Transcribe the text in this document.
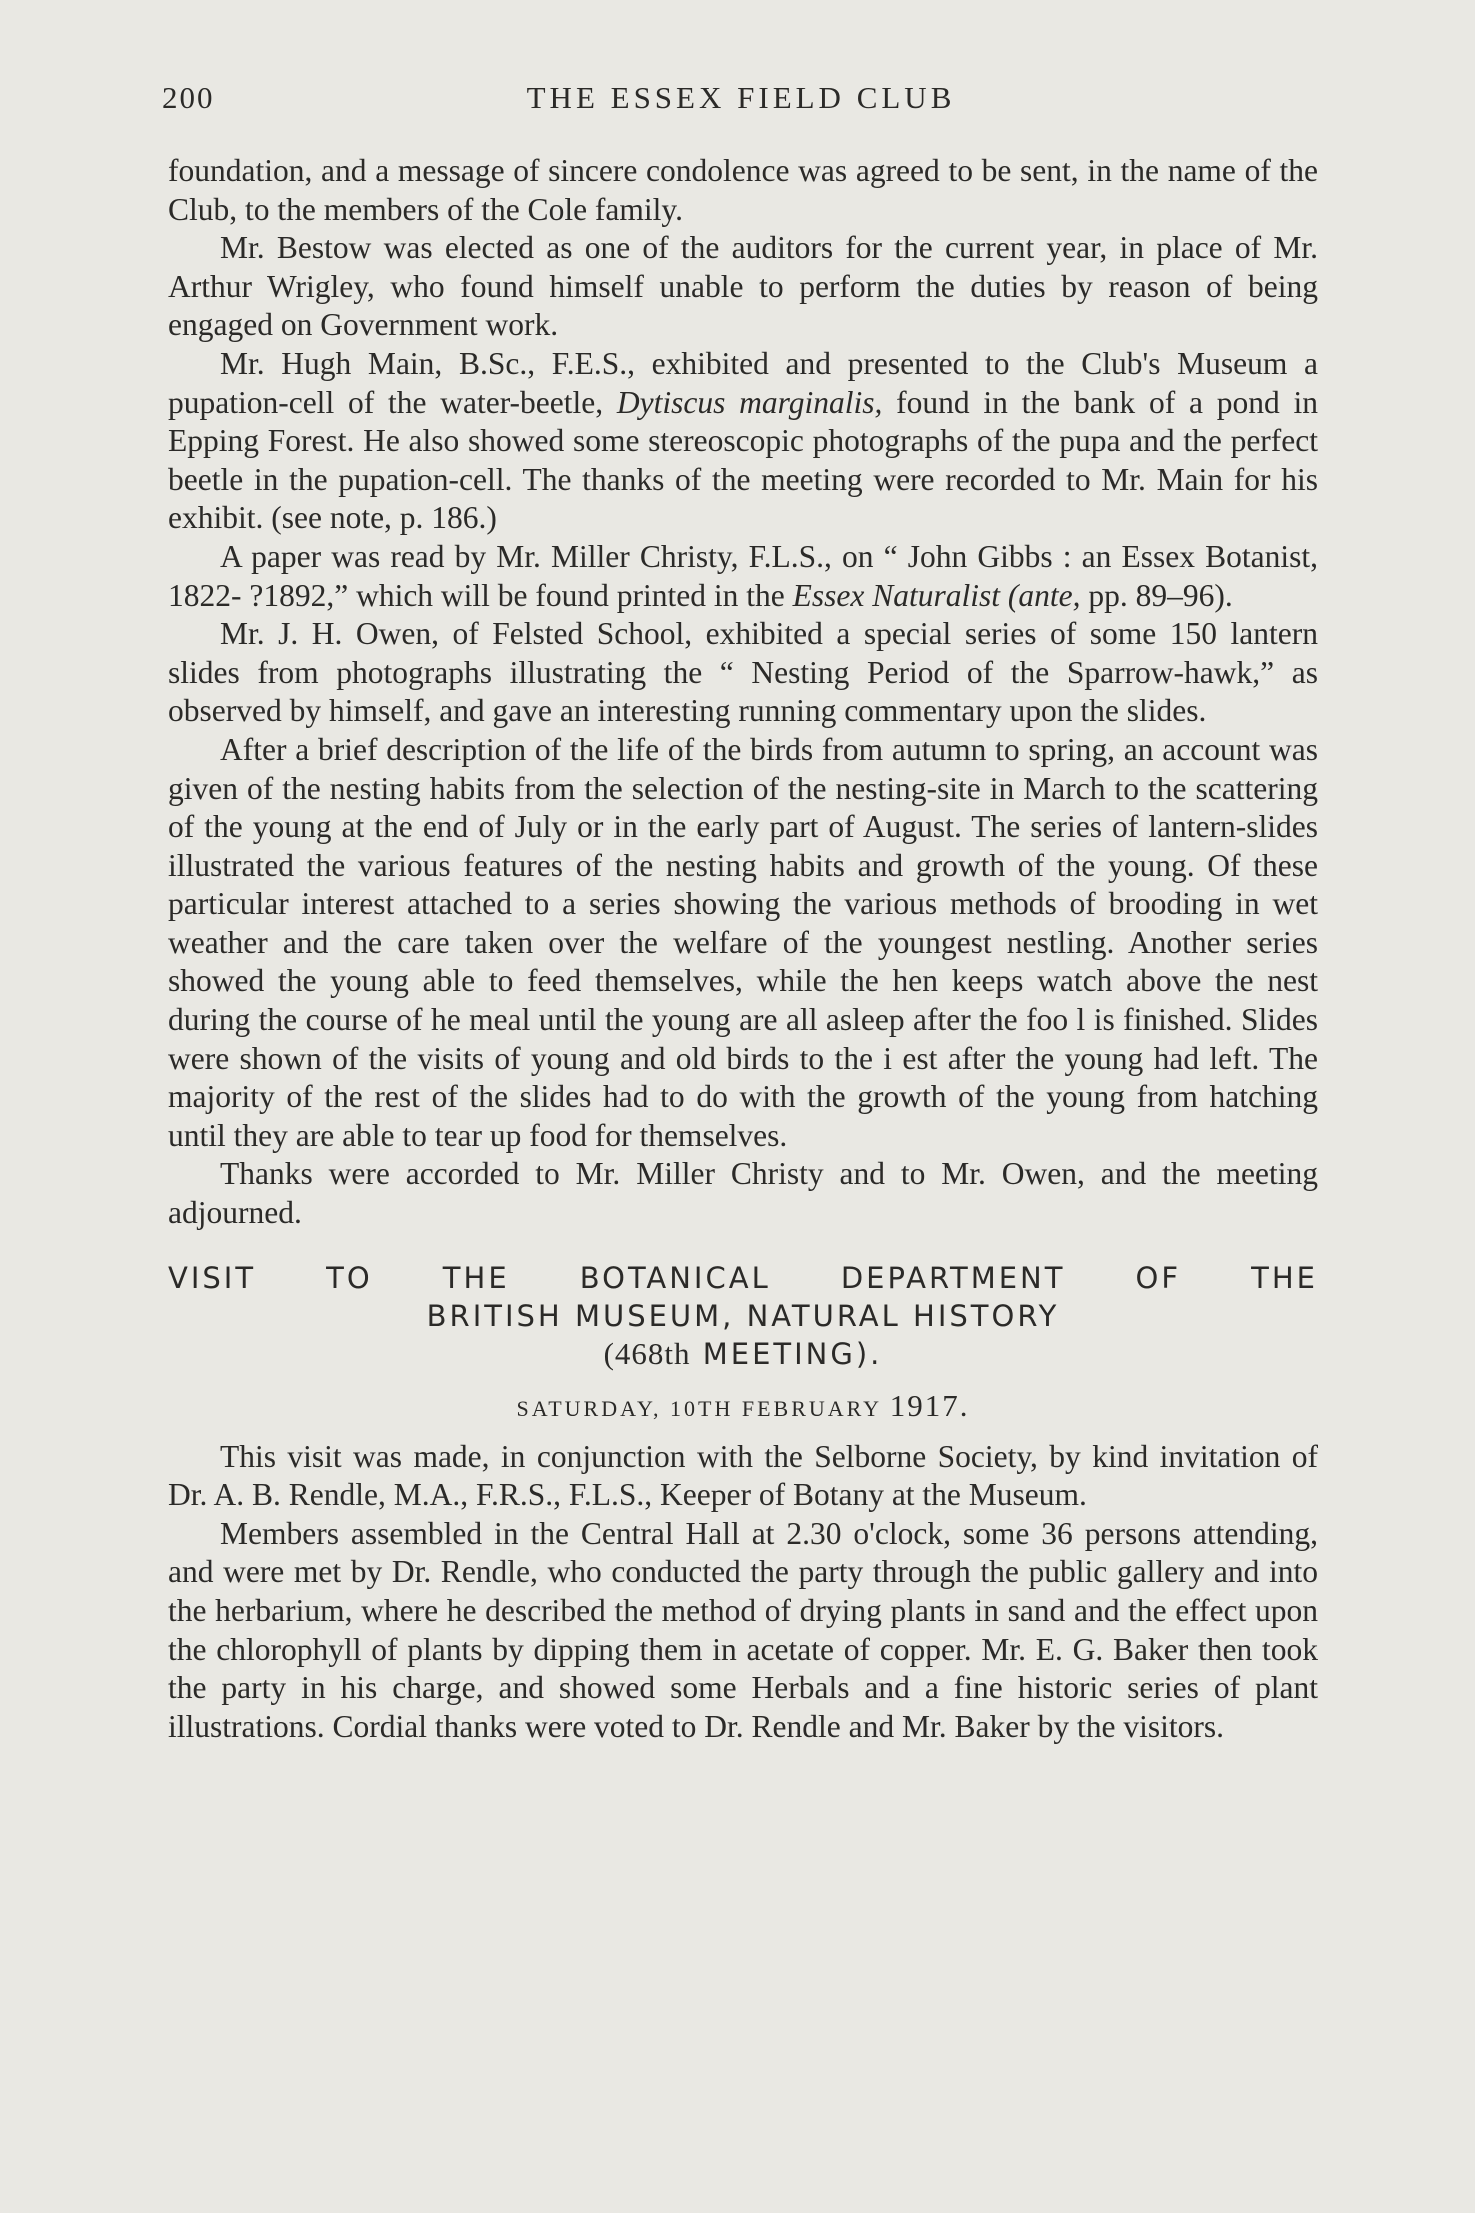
200	THE ESSEX FIELD CLUB

foundation, and a message of sincere condolence was agreed to be sent, in the name of the Club, to the members of the Cole family.

Mr. Bestow was elected as one of the auditors for the current year, in place of Mr. Arthur Wrigley, who found himself unable to perform the duties by reason of being engaged on Government work.

Mr. Hugh Main, B.Sc., F.E.S., exhibited and presented to the Club's Museum a pupation-cell of the water-beetle, Dytiscus marginalis, found in the bank of a pond in Epping Forest. He also showed some stereoscopic photographs of the pupa and the perfect beetle in the pupation-cell. The thanks of the meeting were recorded to Mr. Main for his exhibit. (see note, p. 186.)

A paper was read by Mr. Miller Christy, F.L.S., on “ John Gibbs : an Essex Botanist, 1822- ?1892,” which will be found printed in the Essex Naturalist (ante, pp. 89–96).

Mr. J. H. Owen, of Felsted School, exhibited a special series of some 150 lantern slides from photographs illustrating the “ Nesting Period of the Sparrow-hawk,” as observed by himself, and gave an interesting running commentary upon the slides.

After a brief description of the life of the birds from autumn to spring, an account was given of the nesting habits from the selection of the nesting-site in March to the scattering of the young at the end of July or in the early part of August. The series of lantern-slides illustrated the various features of the nesting habits and growth of the young. Of these particular interest attached to a series showing the various methods of brooding in wet weather and the care taken over the welfare of the youngest nestling. Another series showed the young able to feed themselves, while the hen keeps watch above the nest during the course of he meal until the young are all asleep after the foo l is finished. Slides were shown of the visits of young and old birds to the i est after the young had left. The majority of the rest of the slides had to do with the growth of the young from hatching until they are able to tear up food for themselves.

Thanks were accorded to Mr. Miller Christy and to Mr. Owen, and the meeting adjourned.

VISIT TO THE BOTANICAL DEPARTMENT OF THE
BRITISH MUSEUM, NATURAL HISTORY
(468th MEETING).
SATURDAY, 10TH FEBRUARY 1917.

This visit was made, in conjunction with the Selborne Society, by kind invitation of Dr. A. B. Rendle, M.A., F.R.S., F.L.S., Keeper of Botany at the Museum.

Members assembled in the Central Hall at 2.30 o'clock, some 36 persons attending, and were met by Dr. Rendle, who conducted the party through the public gallery and into the herbarium, where he described the method of drying plants in sand and the effect upon the chlorophyll of plants by dipping them in acetate of copper. Mr. E. G. Baker then took the party in his charge, and showed some Herbals and a fine historic series of plant illustrations. Cordial thanks were voted to Dr. Rendle and Mr. Baker by the visitors.
